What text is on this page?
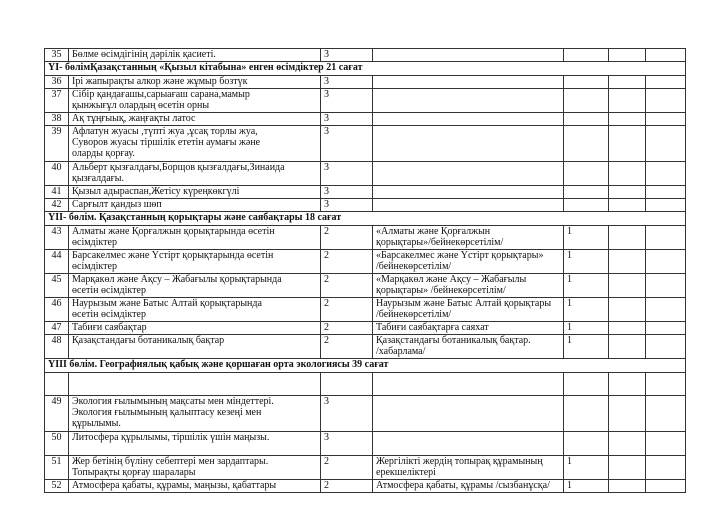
35	Бөлме өсімдігінің дәрілік қасиеті.	3				
YI- бөлімҚазақстанның «Қызыл кітабына» енген өсімдіктер 21 сағат						
36	Ірі жапырақты алкор және жұмыр бозтүк	3				
37	Сібір қандағашы,сарыағаш сарана,мамыр
қынжығұл олардың өсетін орны	3				
38	Ақ тұңғыық, жаңғақты латос	3				
39	Афлатун жуасы ,түпті жуа ,ұсақ торлы жуа,
Суворов жуасы тіршілік ететін аумағы және
оларды қорғау.	3				
40	Альберт қызғалдағы,Борщов қызғалдағы,Зинаида
қызғалдағы.	3				
41	Қызыл адыраспан,Жетісу күреңкөкгүлі	3				
42	Сарғылт қандыз шөп	3				
YII- бөлім. Қазақстанның қорықтары және саябақтары 18 сағат						
43	Алматы және Қорғалжын қорықтарында өсетін
өсімдіктер	2	«Алматы және Қорғалжын
қорықтары»/бейнекөрсетілім/	1		
44	Барсакелмес және Үстірт қорықтарында өсетін
өсімдіктер	2	«Барсакелмес және Үстірт қорықтары»
/бейнекөрсетілім/	1		
45	Марқакөл және Ақсу – Жабағылы қорықтарында
өсетін өсімдіктер	2	«Марқакөл және Ақсу – Жабағылы
қорықтары» /бейнекөрсетілім/	1		
46	Наурызым және Батыс Алтай қорықтарында
өсетін өсімдіктер	2	Наурызым және Батыс Алтай қорықтары
/бейнекөрсетілім/	1		
47	Табиғи саябақтар	2	Табиғи саябақтарға саяхат	1		
48	Қазақстандағы ботаникалық бақтар	2	Қазақстандағы ботаникалық бақтар.
/хабарлама/	1		
YIII бөлім. Географиялық қабық және қоршаған орта экологиясы 39 сағат						

49	Экология ғылымының мақсаты мен міндеттері.
Экология ғылымының қалыптасу кезеңі мен
құрылымы.	3				
50	Литосфера құрылымы, тіршілік үшін маңызы.	3				
51	Жер бетінің бүліну себептері мен зардаптары.
Топырақты қорғау шаралары	2	Жергілікті жердің топырақ құрамының
ерекшеліктері	1		
52	Атмосфера қабаты, құрамы, маңызы, қабаттары	2	Атмосфера қабаты, құрамы /сызбанұсқа/	1		
